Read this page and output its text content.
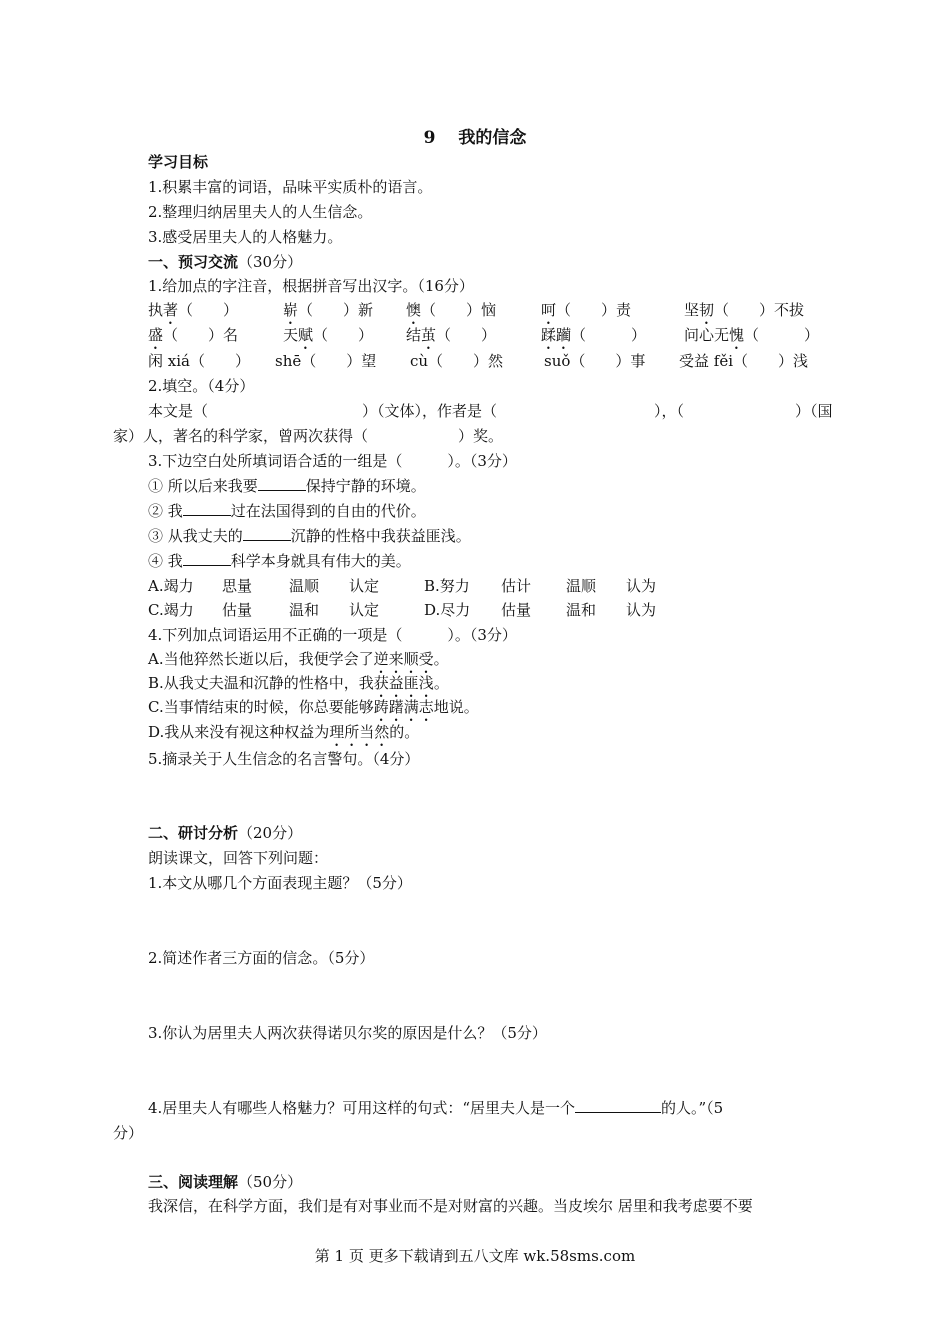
9　 我的信念
学习目标
1.积累丰富的词语，品味平实质朴的语言。
2.整理归纳居里夫人的人生信念。
3.感受居里夫人的人格魅力。
一、预习交流（30分）
1.给加点的字注音，根据拼音写出汉字。（16分）
执著（　　）	崭（　　）新 懊（　　）恼	呵（　　）责	坚韧（　　）不拔
盛（　　）名	天赋（　　） 结茧（　　）	蹂躏（　　　）	问心无愧（　　　）
闲 xiá（　　） shē（　　）望 cù（　　）然	suǒ（　　）事 受益 fěi（　　）浅
2.填空。（4分）
本文是（	）（文体），作者是（	），（	）（国
家）人，著名的科学家，曾两次获得（　　　　　　）奖。
3.下边空白处所填词语合适的一组是（　　　）。（3分）
① 所以后来我要	保持宁静的环境。
② 我	过在法国得到的自由的代价。
③ 从我丈夫的	沉静的性格中我获益匪浅。
④ 我	科学本身就具有伟大的美。
A.竭力 思量 温顺 认定	B.努力 估计 温顺 认为
C.竭力 估量 温和 认定	D.尽力 估量 温和 认为
4.下列加点词语运用不正确的一项是（　　　）。（3分）
A.当他猝然长逝以后，我便学会了逆来顺受。
B.从我丈夫温和沉静的性格中，我获益匪浅。
C.当事情结束的时候，你总要能够踌躇满志地说。
D.我从来没有视这种权益为理所当然的。
5.摘录关于人生信念的名言警句。（4分）
二、研讨分析（20分）
朗读课文，回答下列问题：
1.本文从哪几个方面表现主题？（5分）
2.简述作者三方面的信念。（5分）
3.你认为居里夫人两次获得诺贝尔奖的原因是什么？（5分）
4.居里夫人有哪些人格魅力？可用这样的句式：“居里夫人是一个	的人。”（5
分）
三、阅读理解（50分）
我深信，在科学方面，我们是有对事业而不是对财富的兴趣。当皮埃尔 居里和我考虑要不要
第 1 页 更多下载请到五八文库 wk.58sms.com
